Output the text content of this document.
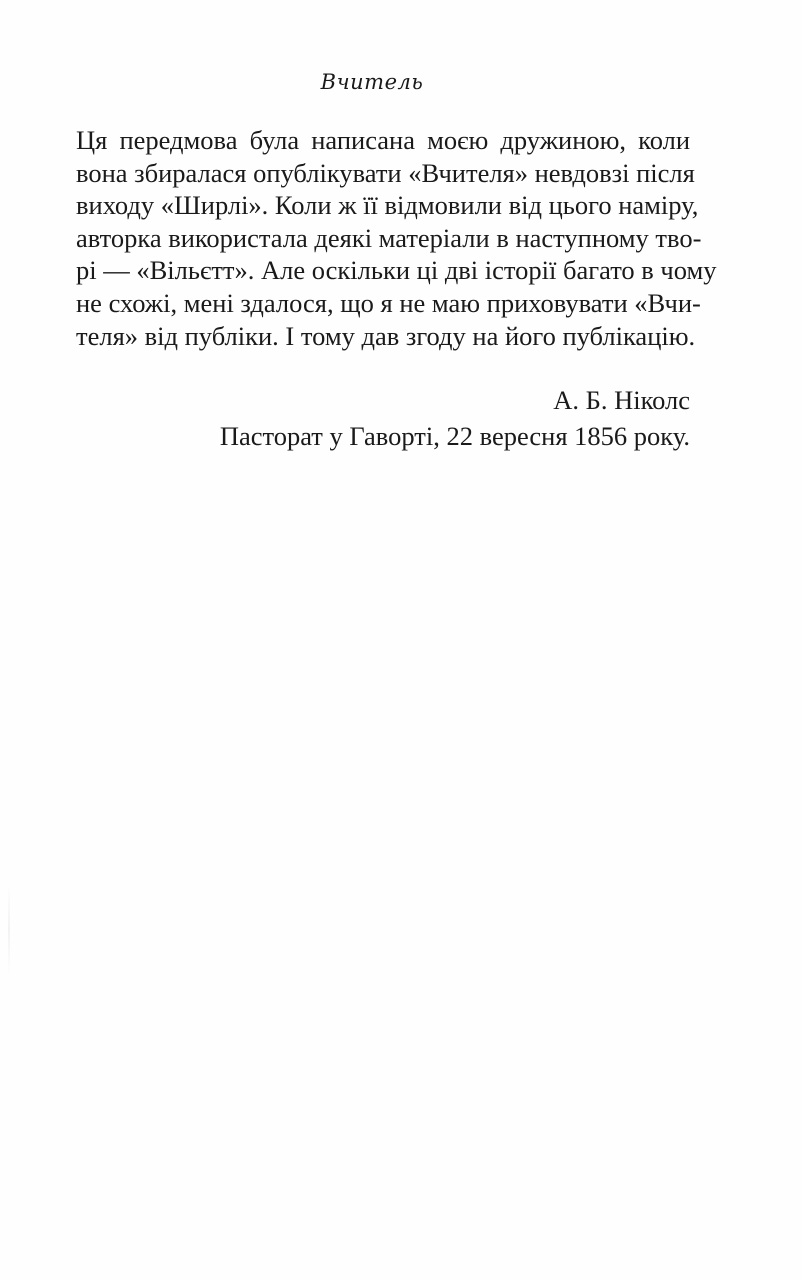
Вчитель
Ця передмова була написана моєю дружиною, коли
вона збиралася опублікувати «Вчителя» невдовзі після
виходу «Ширлі». Коли ж її відмовили від цього наміру,
авторка використала деякі матеріали в наступному тво-
рі — «Вільєтт». Але оскільки ці дві історії багато в чому
не схожі, мені здалося, що я не маю приховувати «Вчи-
теля» від публіки. І тому дав згоду на його публікацію.
А. Б. Ніколс
Пасторат у Гаворті, 22 вересня 1856 року.
